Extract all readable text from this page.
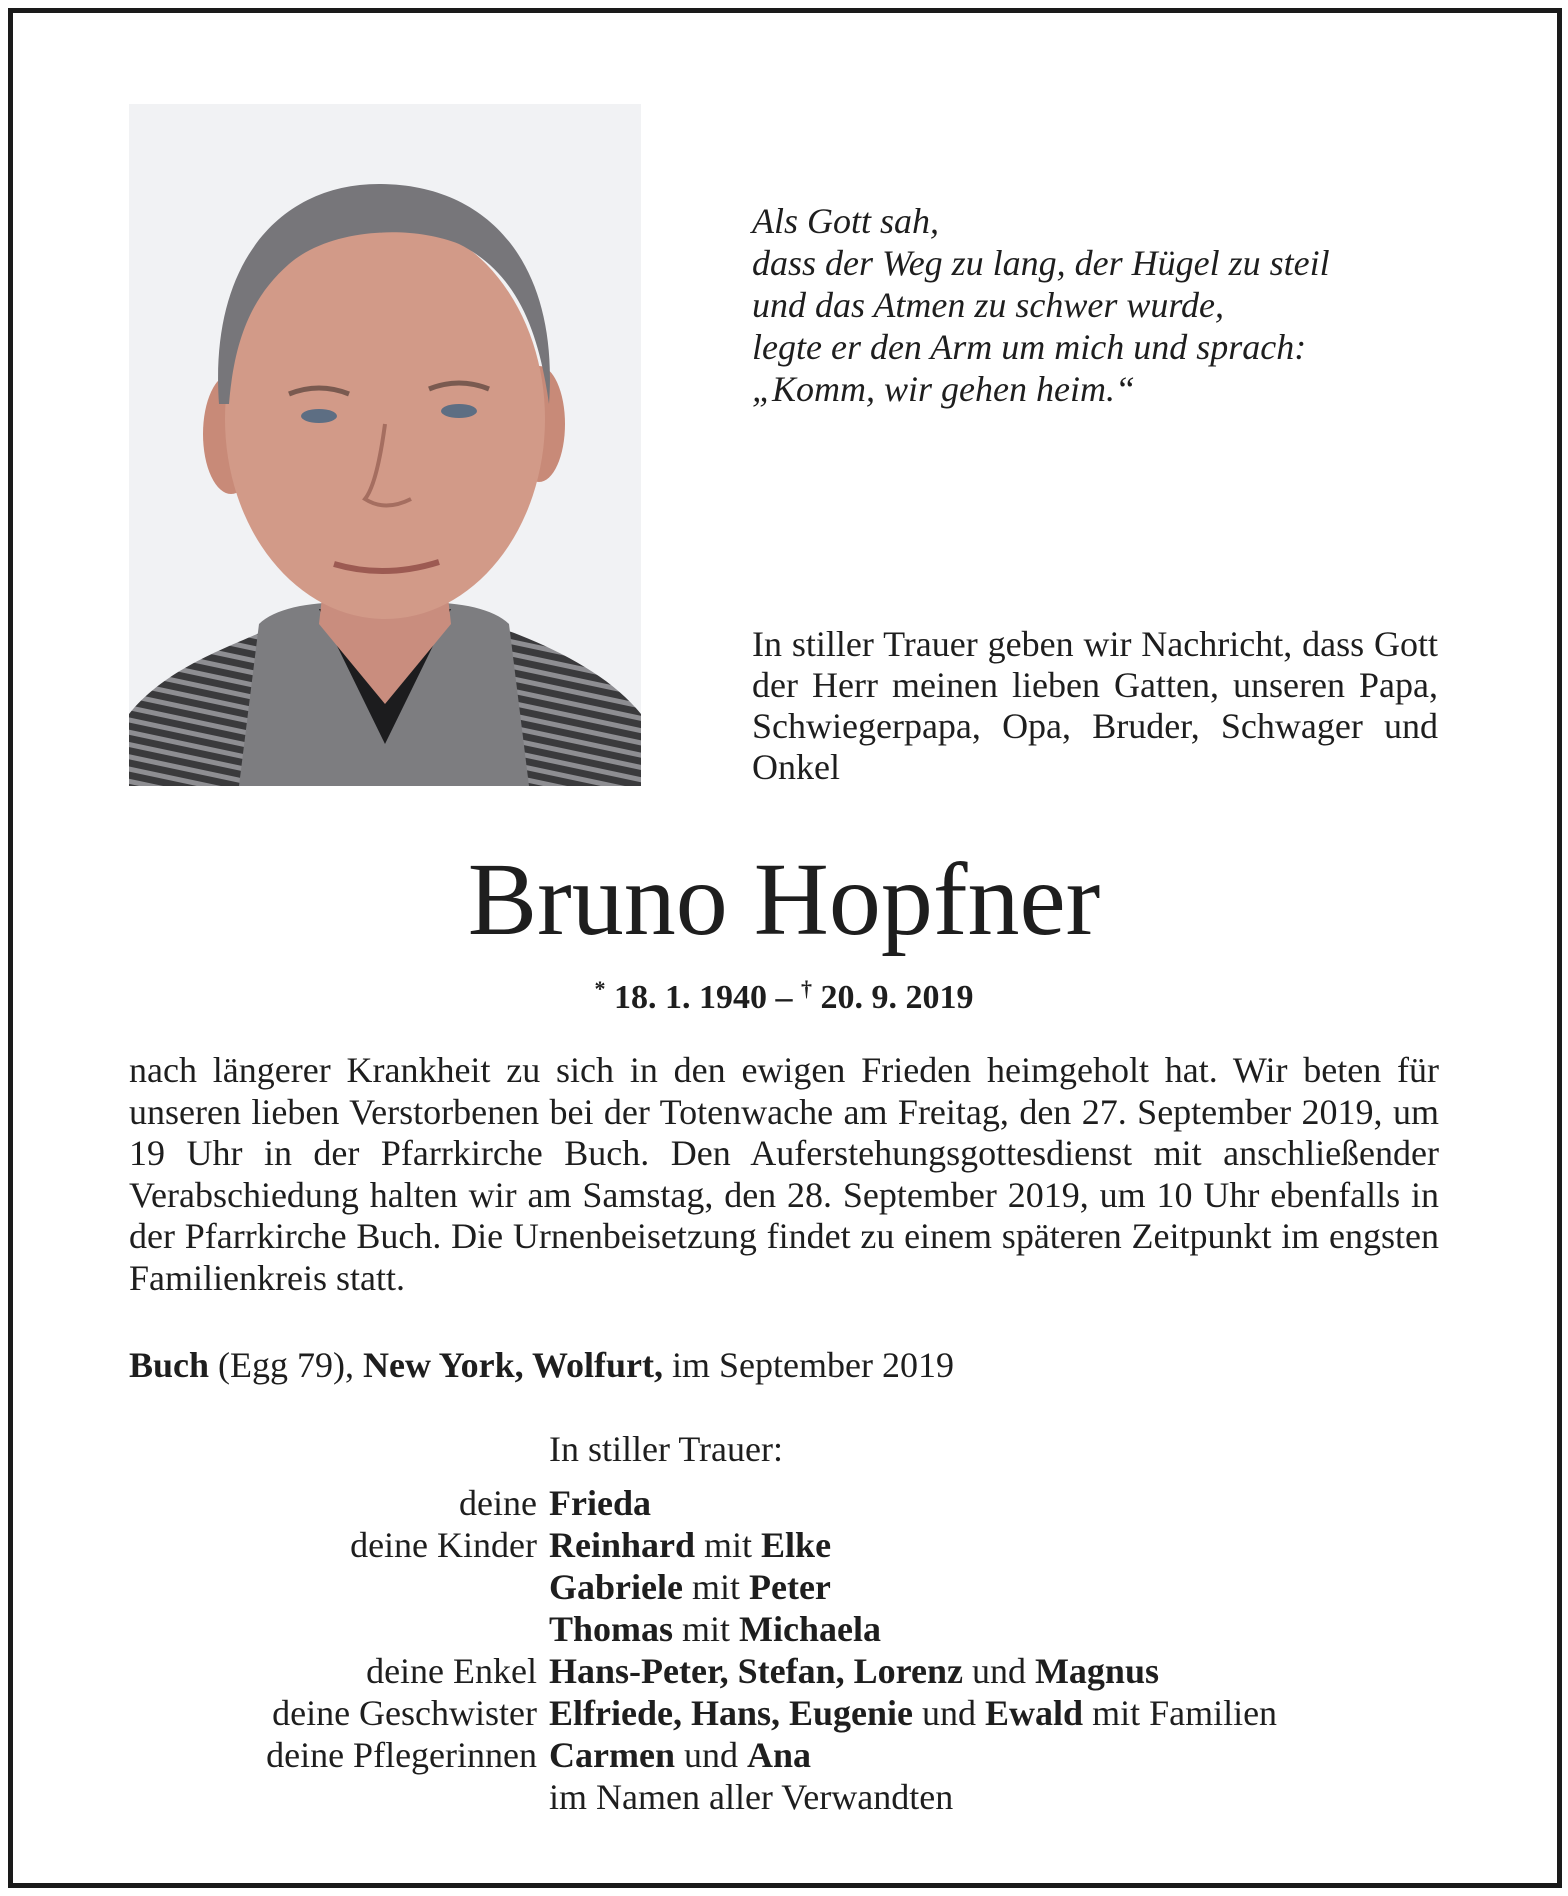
Als Gott sah,
dass der Weg zu lang, der Hügel zu steil
und das Atmen zu schwer wurde,
legte er den Arm um mich und sprach:
„Komm, wir gehen heim.“
In stiller Trauer geben wir Nachricht, dass Gott der Herr meinen lieben Gatten, unseren Papa, Schwiegerpapa, Opa, Bruder, Schwager und Onkel
Bruno Hopfner
* 18. 1. 1940 – † 20. 9. 2019
nach längerer Krankheit zu sich in den ewigen Frieden heimgeholt hat. Wir beten für unseren lieben Verstorbenen bei der Totenwache am Freitag, den 27. September 2019, um 19 Uhr in der Pfarrkirche Buch. Den Auferstehungsgottesdienst mit anschließender Verabschiedung halten wir am Samstag, den 28. September 2019, um 10 Uhr ebenfalls in der Pfarrkirche Buch. Die Urnenbeisetzung findet zu einem späteren Zeitpunkt im engsten Familienkreis statt.
Buch (Egg 79), New York, Wolfurt, im September 2019
In stiller Trauer:
deine Frieda
deine Kinder Reinhard mit Elke
Gabriele mit Peter
Thomas mit Michaela
deine Enkel Hans-Peter, Stefan, Lorenz und Magnus
deine Geschwister Elfriede, Hans, Eugenie und Ewald mit Familien
deine Pflegerinnen Carmen und Ana
im Namen aller Verwandten
